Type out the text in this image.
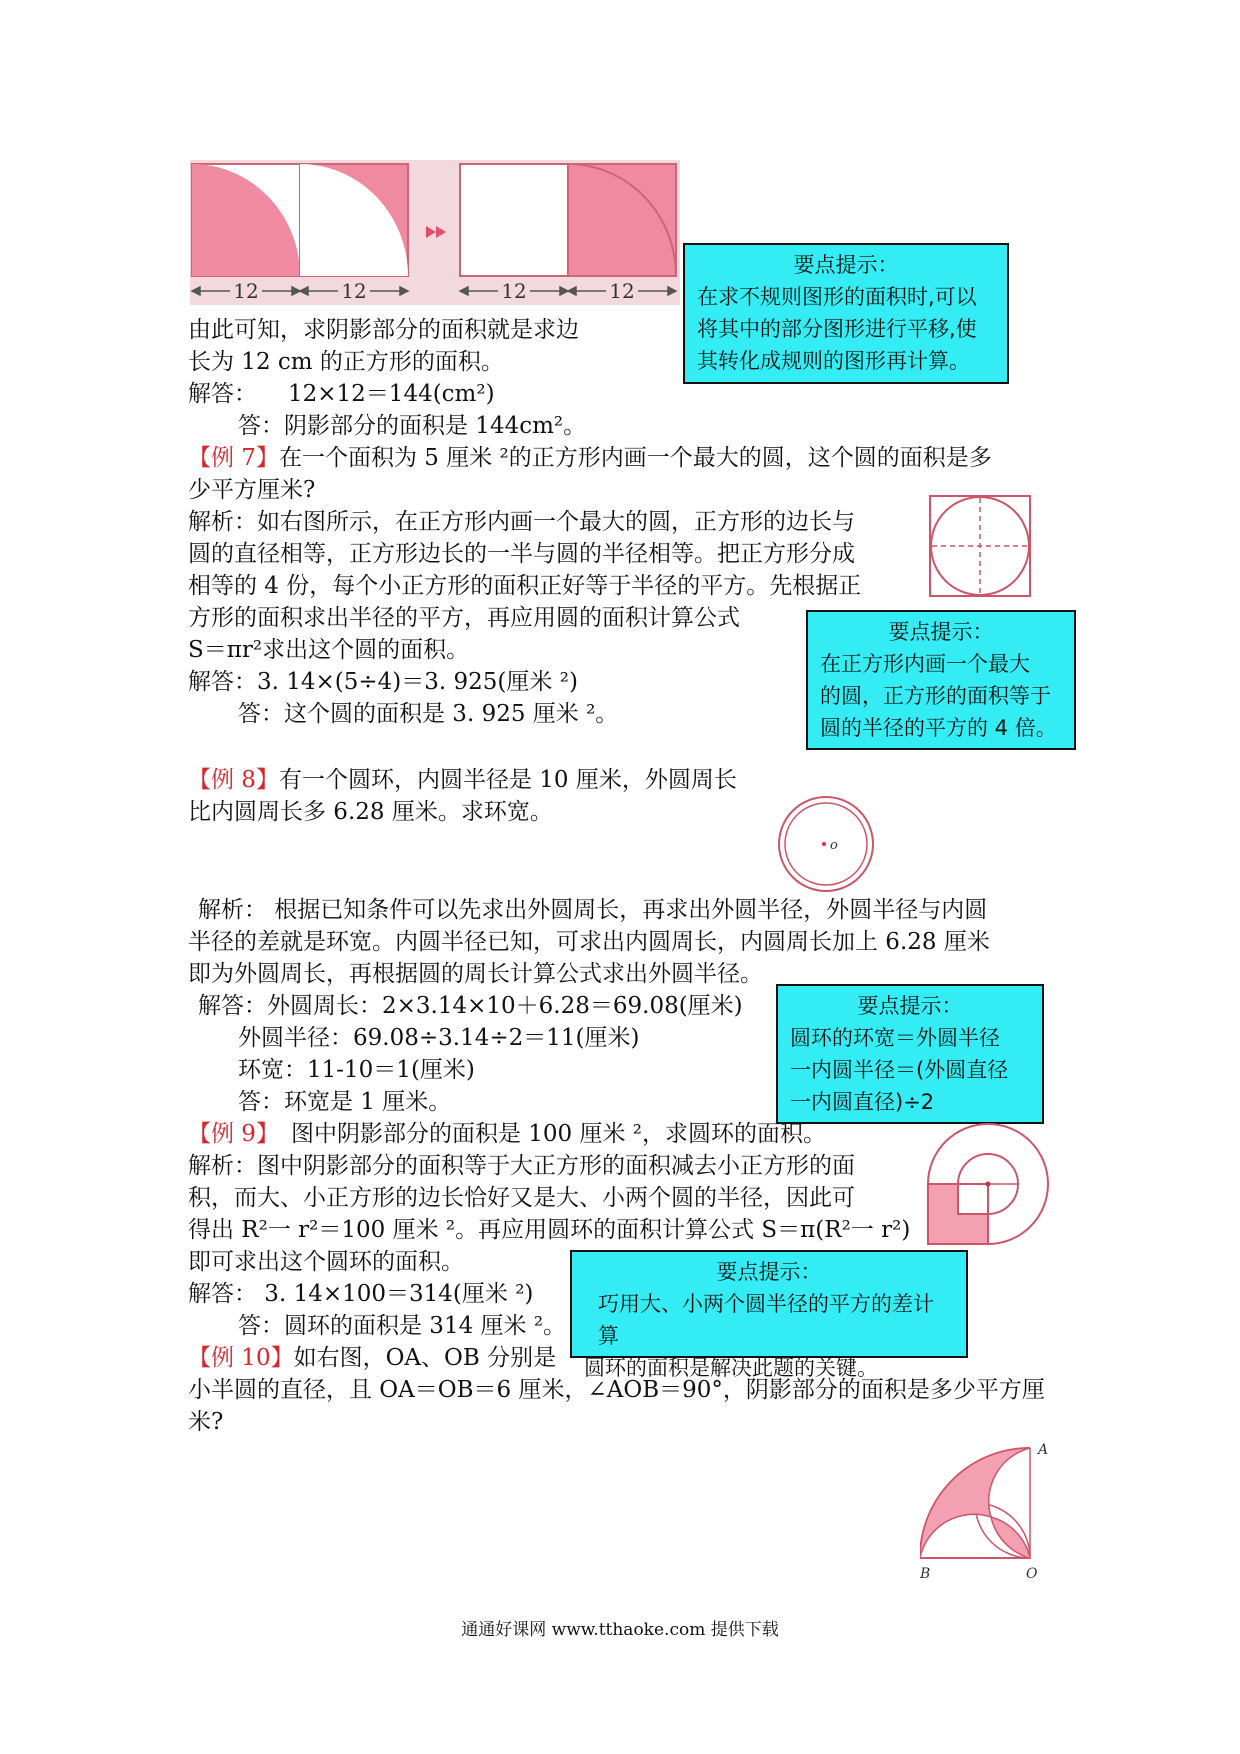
12	12	12	12
要点提示：
在求不规则图形的面积时,可以
将其中的部分图形进行平移,使
其转化成规则的图形再计算。
由此可知，求阴影部分的面积就是求边
长为 12 cm 的正方形的面积。
解答： 12×12＝144(cm²)
答：阴影部分的面积是 144cm²。
【例 7】在一个面积为 5 厘米 ²的正方形内画一个最大的圆，这个圆的面积是多
少平方厘米?
解析：如右图所示，在正方形内画一个最大的圆，正方形的边长与
圆的直径相等，正方形边长的一半与圆的半径相等。把正方形分成
相等的 4 份，每个小正方形的面积正好等于半径的平方。先根据正
方形的面积求出半径的平方，再应用圆的面积计算公式
S＝πr²求出这个圆的面积。
解答：3. 14×(5÷4)＝3. 925(厘米 ²)
答：这个圆的面积是 3. 925 厘米 ²。
要点提示：
在正方形内画一个最大
的圆，正方形的面积等于
圆的半径的平方的 4 倍。
【例 8】有一个圆环，内圆半径是 10 厘米，外圆周长
比内圆周长多 6.28 厘米。求环宽。
o
解析： 根据已知条件可以先求出外圆周长，再求出外圆半径，外圆半径与内圆
半径的差就是环宽。内圆半径已知，可求出内圆周长，内圆周长加上 6.28 厘米
即为外圆周长，再根据圆的周长计算公式求出外圆半径。
解答：外圆周长：2×3.14×10＋6.28＝69.08(厘米)
外圆半径：69.08÷3.14÷2＝11(厘米)
环宽：11-10＝1(厘米)
答：环宽是 1 厘米。
要点提示：
圆环的环宽＝外圆半径
一内圆半径＝(外圆直径
一内圆直径)÷2
【例 9】 图中阴影部分的面积是 100 厘米 ²，求圆环的面积。
解析：图中阴影部分的面积等于大正方形的面积减去小正方形的面
积，而大、小正方形的边长恰好又是大、小两个圆的半径，因此可
得出 R²一 r²＝100 厘米 ²。再应用圆环的面积计算公式 S＝π(R²一 r²)
即可求出这个圆环的面积。
解答： 3. 14×100＝314(厘米 ²)
答：圆环的面积是 314 厘米 ²。
要点提示：
巧用大、小两个圆半径的平方的差计算
圆环的面积是解决此题的关键。
【例 10】如右图，OA、OB 分别是
小半圆的直径，且 OA＝OB＝6 厘米，∠AOB＝90°，阴影部分的面积是多少平方厘
米?
A
B	O
通通好课网 www.tthaoke.com 提供下载
